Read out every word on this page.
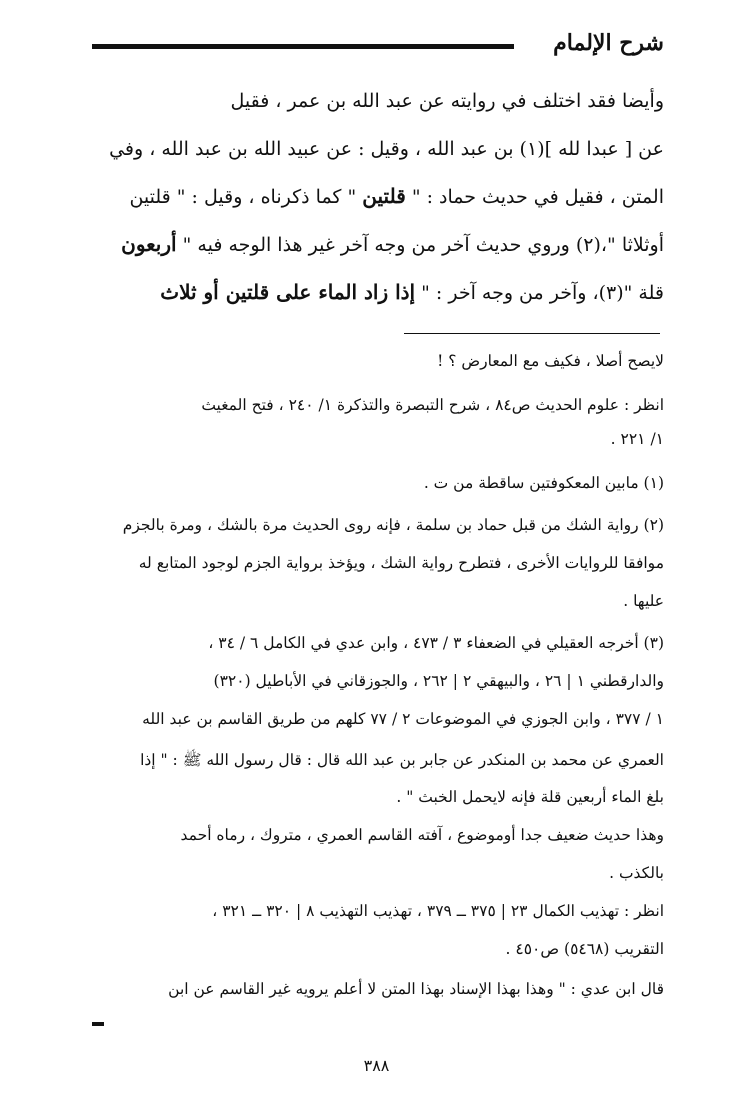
شرح الإلمام
وأيضا فقد اختلف في روايته عن عبد الله بن عمر ، فقيل
عن [ عبدا لله ](١) بن عبد الله ، وقيل : عن عبيد الله بن عبد الله ، وفي
المتن ، فقيل في حديث حماد : " قلتين " كما ذكرناه ، وقيل : " قلتين
أوثلاثا "،(٢) وروي حديث آخر من وجه آخر غير هذا الوجه فيه " أربعون
قلة "(٣)، وآخر من وجه آخر : " إذا زاد الماء على قلتين أو ثلاث
لايصح أصلا ، فكيف مع المعارض ؟ !
انظر : علوم الحديث ص٨٤ ، شرح التبصرة والتذكرة ١/ ٢٤٠ ، فتح المغيث
١/ ٢٢١ .
(١) مابين المعكوفتين ساقطة من ت .
(٢) رواية الشك من قبل حماد بن سلمة ، فإنه روى الحديث مرة بالشك ، ومرة بالجزم
موافقا للروايات الأخرى ، فتطرح رواية الشك ، ويؤخذ برواية الجزم لوجود المتابع له
عليها .
(٣) أخرجه العقيلي في الضعفاء ٣ / ٤٧٣ ، وابن عدي في الكامل ٦ / ٣٤ ،
والدارقطني ١ | ٢٦ ، والبيهقي ٢ | ٢٦٢ ، والجوزقاني في الأباطيل (٣٢٠)
١ / ٣٧٧ ، وابن الجوزي في الموضوعات ٢ / ٧٧ كلهم من طريق القاسم بن عبد الله
العمري عن محمد بن المنكدر عن جابر بن عبد الله قال : قال رسول الله ﷺ : " إذا
بلغ الماء أربعين قلة فإنه لايحمل الخبث " .
وهذا حديث ضعيف جدا أوموضوع ، آفته القاسم العمري ، متروك ، رماه أحمد
بالكذب .
انظر : تهذيب الكمال ٢٣ | ٣٧٥ ــ ٣٧٩ ، تهذيب التهذيب ٨ | ٣٢٠ ــ ٣٢١ ،
التقريب (٥٤٦٨) ص٤٥٠ .
قال ابن عدي : " وهذا بهذا الإسناد بهذا المتن لا أعلم يرويه غير القاسم عن ابن
٣٨٨
